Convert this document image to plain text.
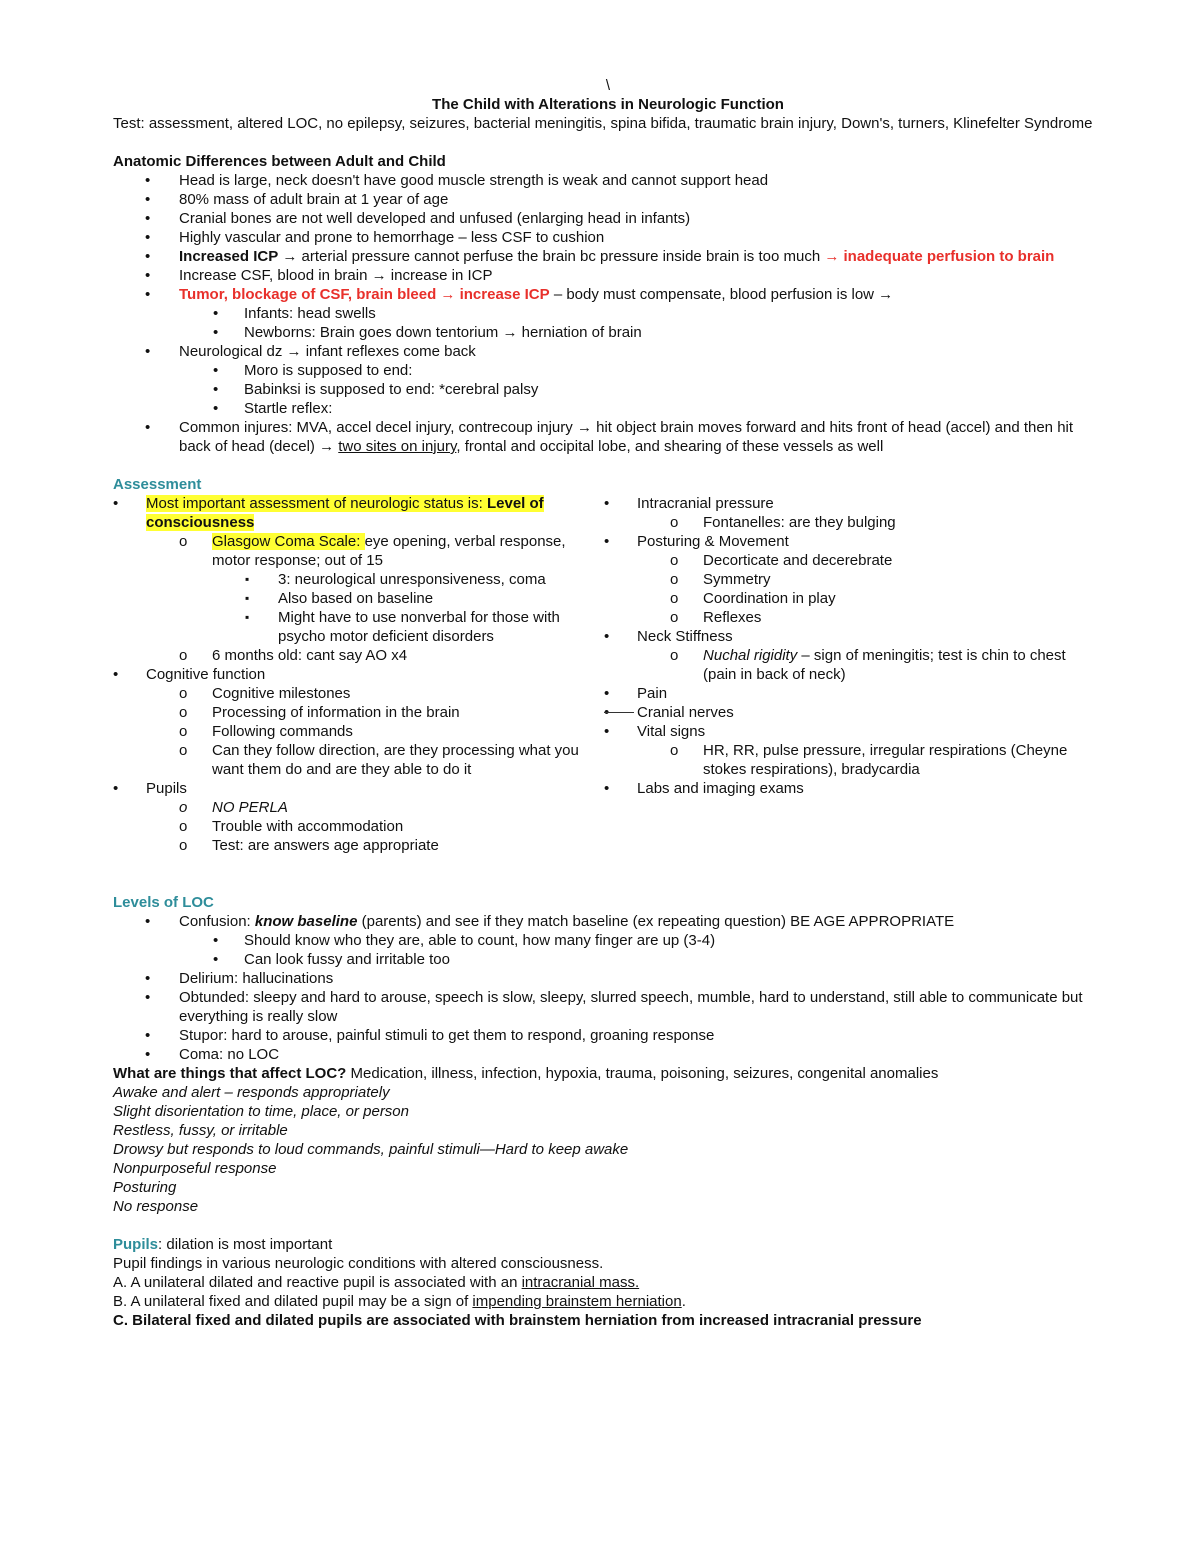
\
The Child with Alterations in Neurologic Function
Test: assessment, altered LOC, no epilepsy, seizures, bacterial meningitis, spina bifida, traumatic brain injury, Down's, turners, Klinefelter Syndrome
Anatomic Differences between Adult and Child
• Head is large, neck doesn't have good muscle strength is weak and cannot support head
• 80% mass of adult brain at 1 year of age
• Cranial bones are not well developed and unfused (enlarging head in infants)
• Highly vascular and prone to hemorrhage – less CSF to cushion
• Increased ICP → arterial pressure cannot perfuse the brain bc pressure inside brain is too much → inadequate perfusion to brain
• Increase CSF, blood in brain → increase in ICP
• Tumor, blockage of CSF, brain bleed → increase ICP – body must compensate, blood perfusion is low →
• Infants: head swells
• Newborns: Brain goes down tentorium → herniation of brain
• Neurological dz → infant reflexes come back
• Moro is supposed to end:
• Babinksi is supposed to end: *cerebral palsy
• Startle reflex:
• Common injures: MVA, accel decel injury, contrecoup injury → hit object brain moves forward and hits front of head (accel) and then hit back of head (decel) → two sites on injury, frontal and occipital lobe, and shearing of these vessels as well
Assessment
• Most important assessment of neurologic status is: Level of consciousness
o Glasgow Coma Scale: eye opening, verbal response, motor response; out of 15
▪ 3: neurological unresponsiveness, coma
▪ Also based on baseline
▪ Might have to use nonverbal for those with psycho motor deficient disorders
o 6 months old: cant say AO x4
• Cognitive function
o Cognitive milestones
o Processing of information in the brain
o Following commands
o Can they follow direction, are they processing what you want them do and are they able to do it
• Pupils
o NO PERLA
o Trouble with accommodation
o Test: are answers age appropriate
• Intracranial pressure
o Fontanelles: are they bulging
• Posturing & Movement
o Decorticate and decerebrate
o Symmetry
o Coordination in play
o Reflexes
• Neck Stiffness
o Nuchal rigidity – sign of meningitis; test is chin to chest (pain in back of neck)
• Pain
• Cranial nerves
• Vital signs
o HR, RR, pulse pressure, irregular respirations (Cheyne stokes respirations), bradycardia
• Labs and imaging exams
Levels of LOC
• Confusion: know baseline (parents) and see if they match baseline (ex repeating question) BE AGE APPROPRIATE
• Should know who they are, able to count, how many finger are up (3-4)
• Can look fussy and irritable too
• Delirium: hallucinations
• Obtunded: sleepy and hard to arouse, speech is slow, sleepy, slurred speech, mumble, hard to understand, still able to communicate but everything is really slow
• Stupor: hard to arouse, painful stimuli to get them to respond, groaning response
• Coma: no LOC
What are things that affect LOC? Medication, illness, infection, hypoxia, trauma, poisoning, seizures, congenital anomalies
Awake and alert – responds appropriately
Slight disorientation to time, place, or person
Restless, fussy, or irritable
Drowsy but responds to loud commands, painful stimuli—Hard to keep awake
Nonpurposeful response
Posturing
No response
Pupils: dilation is most important
Pupil findings in various neurologic conditions with altered consciousness.
A. A unilateral dilated and reactive pupil is associated with an intracranial mass.
B. A unilateral fixed and dilated pupil may be a sign of impending brainstem herniation.
C. Bilateral fixed and dilated pupils are associated with brainstem herniation from increased intracranial pressure
